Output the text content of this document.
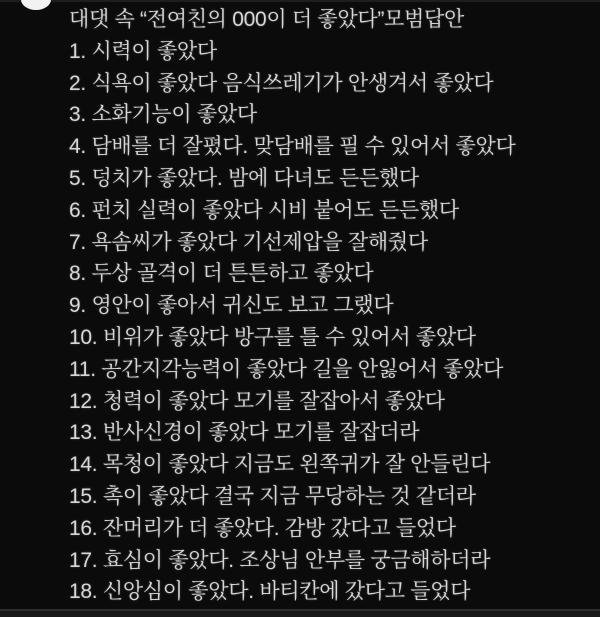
대댓 속 “전여친의 000이 더 좋았다”모범답안
1. 시력이 좋았다
2. 식욕이 좋았다 음식쓰레기가 안생겨서 좋았다
3. 소화기능이 좋았다
4. 담배를 더 잘폈다. 맞담배를 필 수 있어서 좋았다
5. 덩치가 좋았다. 밤에 다녀도 든든했다
6. 펀치 실력이 좋았다 시비 붙어도 든든했다
7. 욕솜씨가 좋았다 기선제압을 잘해줬다
8. 두상 골격이 더 튼튼하고 좋았다
9. 영안이 좋아서 귀신도 보고 그랬다
10. 비위가 좋았다 방구를 틀 수 있어서 좋았다
11. 공간지각능력이 좋았다 길을 안잃어서 좋았다
12. 청력이 좋았다 모기를 잘잡아서 좋았다
13. 반사신경이 좋았다 모기를 잘잡더라
14. 목청이 좋았다 지금도 왼쪽귀가 잘 안들린다
15. 촉이 좋았다 결국 지금 무당하는 것 같더라
16. 잔머리가 더 좋았다. 감방 갔다고 들었다
17. 효심이 좋았다. 조상님 안부를 궁금해하더라
18. 신앙심이 좋았다. 바티칸에 갔다고 들었다
